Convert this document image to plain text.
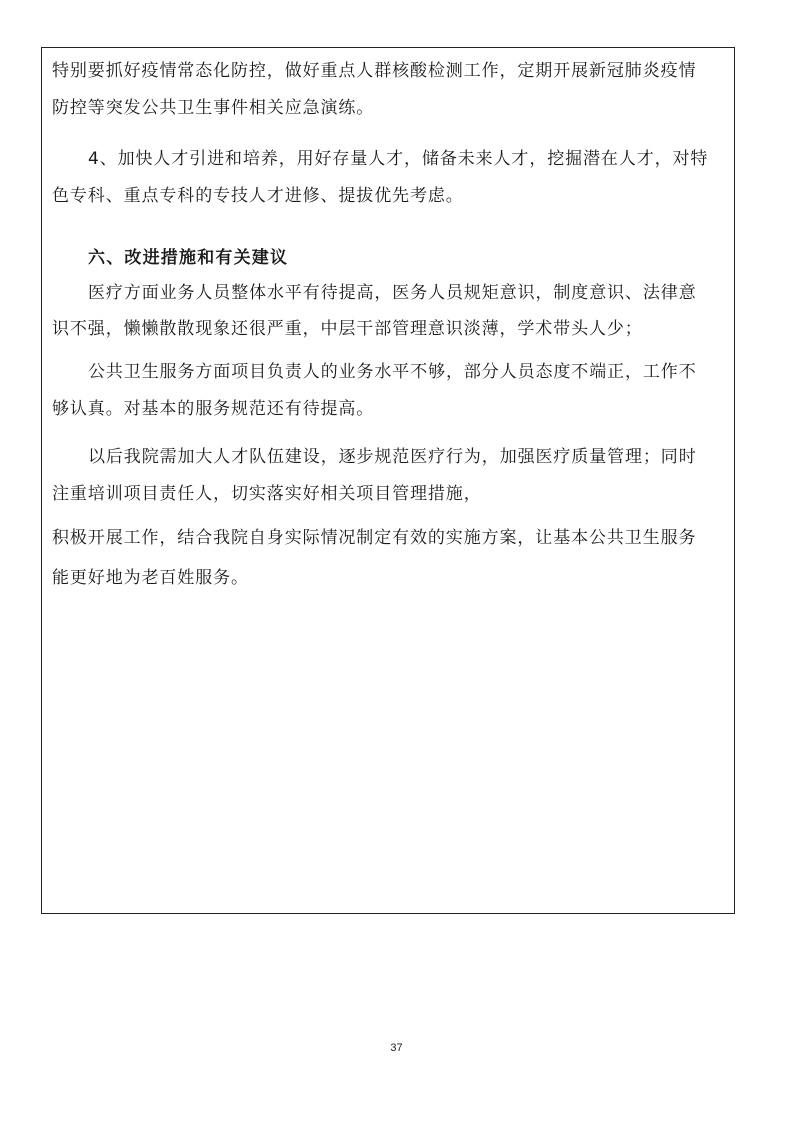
特别要抓好疫情常态化防控，做好重点人群核酸检测工作，定期开展新冠肺炎疫情
防控等突发公共卫生事件相关应急演练。
4、加快人才引进和培养，用好存量人才，储备未来人才，挖掘潜在人才，对特
色专科、重点专科的专技人才进修、提拔优先考虑。
六、改进措施和有关建议
医疗方面业务人员整体水平有待提高，医务人员规矩意识，制度意识、法律意
识不强，懒懒散散现象还很严重，中层干部管理意识淡薄，学术带头人少；
公共卫生服务方面项目负责人的业务水平不够，部分人员态度不端正，工作不
够认真。对基本的服务规范还有待提高。
以后我院需加大人才队伍建设，逐步规范医疗行为，加强医疗质量管理；同时
注重培训项目责任人，切实落实好相关项目管理措施，
积极开展工作，结合我院自身实际情况制定有效的实施方案，让基本公共卫生服务
能更好地为老百姓服务。
37
